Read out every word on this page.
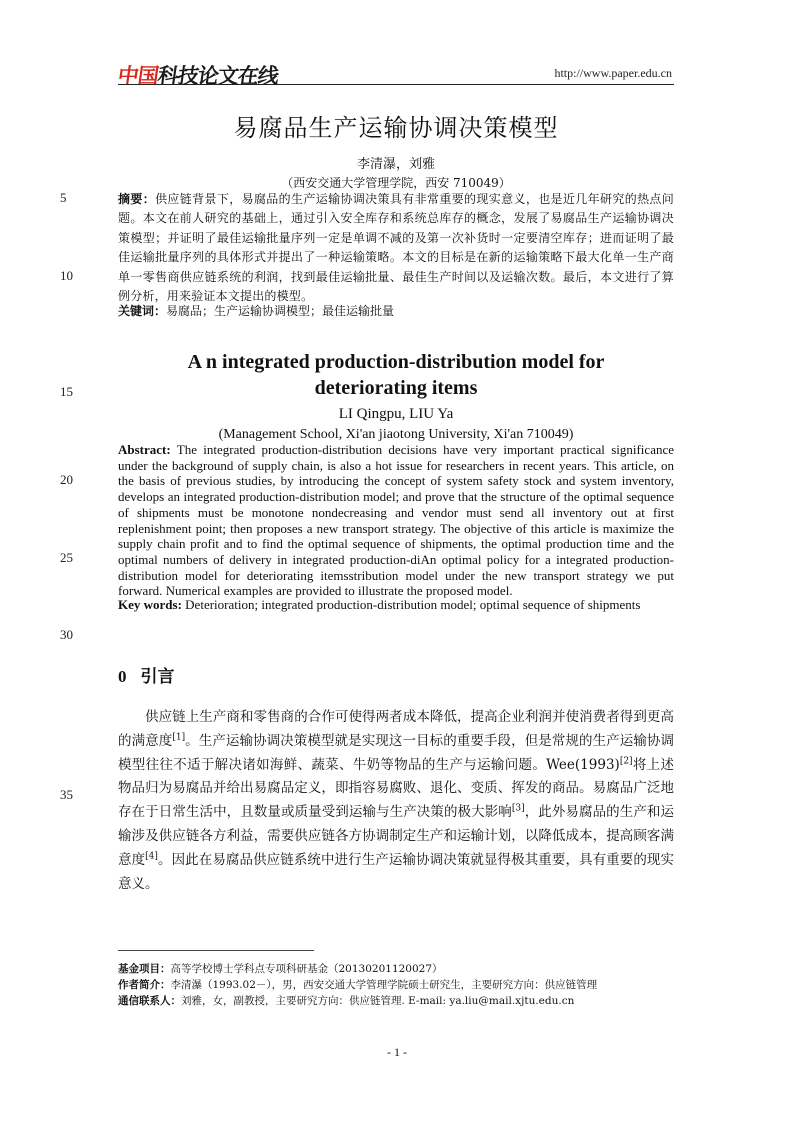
中国科技论文在线	http://www.paper.edu.cn
5
10
15
20
25
30
35
易腐品生产运输协调决策模型
李清瀑，刘雅
（西安交通大学管理学院，西安 710049）
摘要：供应链背景下，易腐品的生产运输协调决策具有非常重要的现实意义，也是近几年研究的热点问题。本文在前人研究的基础上，通过引入安全库存和系统总库存的概念，发展了易腐品生产运输协调决策模型；并证明了最佳运输批量序列一定是单调不减的及第一次补货时一定要清空库存；进而证明了最佳运输批量序列的具体形式并提出了一种运输策略。本文的目标是在新的运输策略下最大化单一生产商单一零售商供应链系统的利润，找到最佳运输批量、最佳生产时间以及运输次数。最后，本文进行了算例分析，用来验证本文提出的模型。
关键词：易腐品；生产运输协调模型；最佳运输批量
A n integrated production-distribution model for
deteriorating items
LI Qingpu, LIU Ya
(Management School, Xi'an jiaotong University, Xi'an 710049)
Abstract: The integrated production-distribution decisions have very important practical significance under the background of supply chain, is also a hot issue for researchers in recent years. This article, on the basis of previous studies, by introducing the concept of system safety stock and system inventory, develops an integrated production-distribution model; and prove that the structure of the optimal sequence of shipments must be monotone nondecreasing and vendor must send all inventory out at first replenishment point; then proposes a new transport strategy. The objective of this article is maximize the supply chain profit and to find the optimal sequence of shipments, the optimal production time and the optimal numbers of delivery in integrated production-diAn optimal policy for a integrated production-distribution model for deteriorating itemsstribution model under the new transport strategy we put forward. Numerical examples are provided to illustrate the proposed model.
Key words: Deterioration; integrated production-distribution model; optimal sequence of shipments
0 引言

供应链上生产商和零售商的合作可使得两者成本降低，提高企业利润并使消费者得到更高的满意度[1]。生产运输协调决策模型就是实现这一目标的重要手段，但是常规的生产运输协调模型往往不适于解决诸如海鲜、蔬菜、牛奶等物品的生产与运输问题。Wee(1993)[2]将上述物品归为易腐品并给出易腐品定义，即指容易腐败、退化、变质、挥发的商品。易腐品广泛地存在于日常生活中，且数量或质量受到运输与生产决策的极大影响[3]，此外易腐品的生产和运输涉及供应链各方利益，需要供应链各方协调制定生产和运输计划，以降低成本，提高顾客满意度[4]。因此在易腐品供应链系统中进行生产运输协调决策就显得极其重要，具有重要的现实意义。

基金项目：高等学校博士学科点专项科研基金（20130201120027）
作者简介：李清瀑（1993.02－），男，西安交通大学管理学院硕士研究生，主要研究方向：供应链管理
通信联系人：刘雅，女，副教授，主要研究方向：供应链管理. E-mail: ya.liu@mail.xjtu.edu.cn
- 1 -
